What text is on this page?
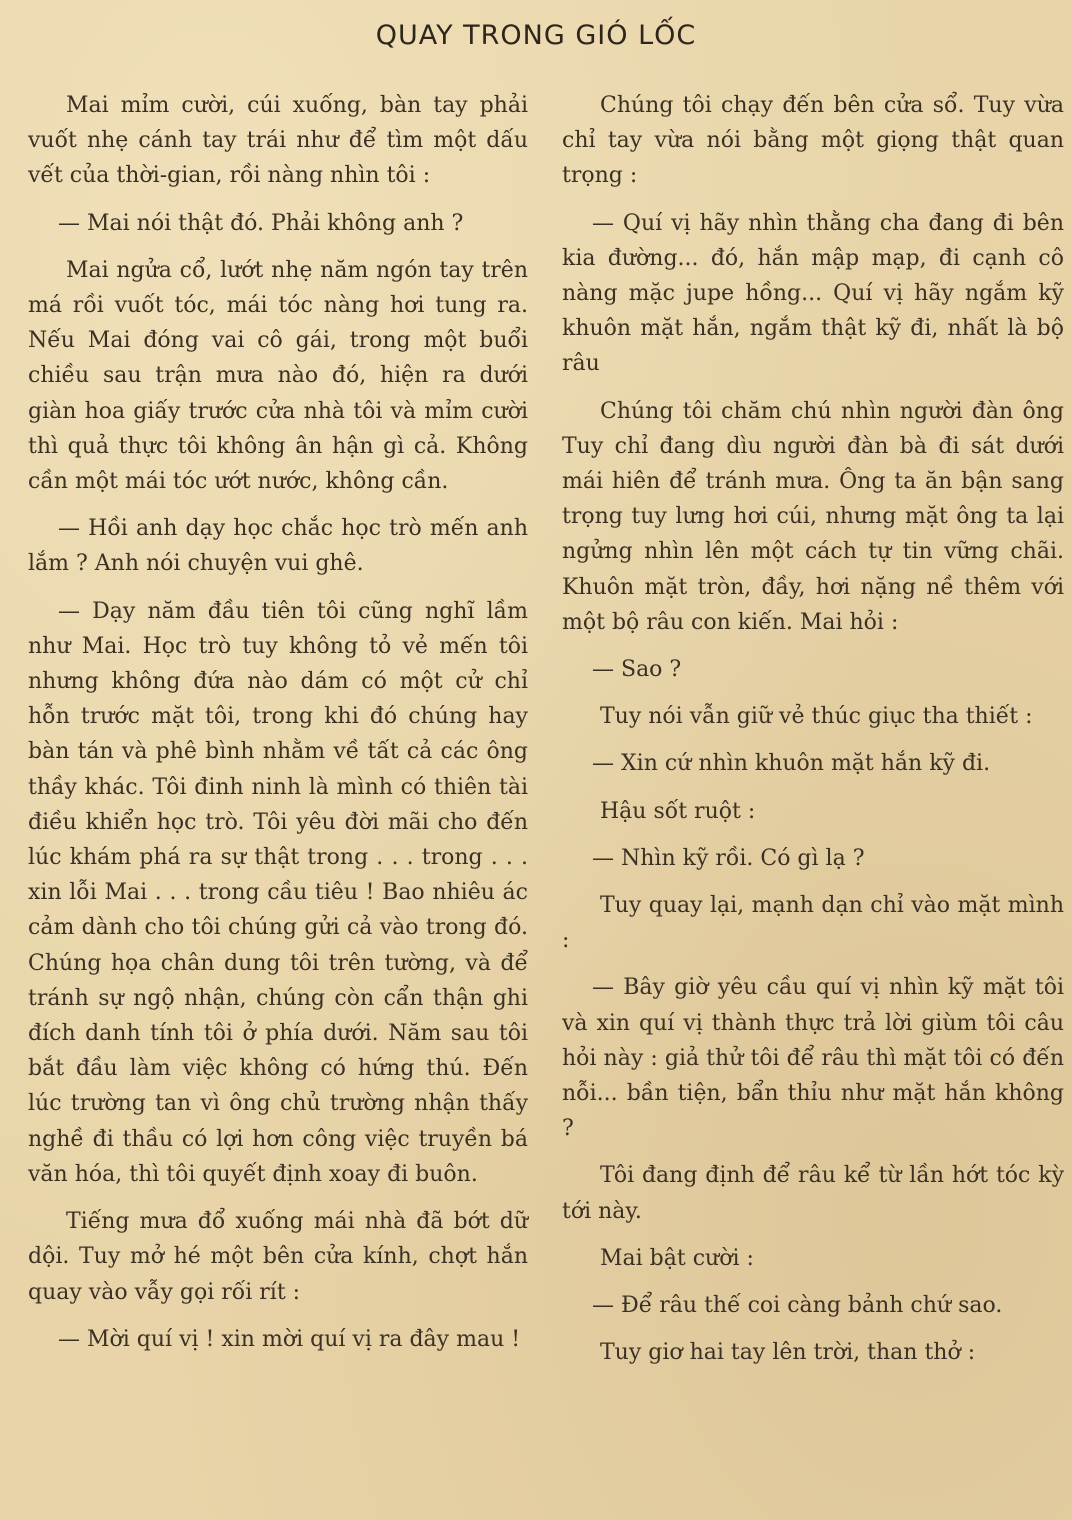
QUAY TRONG GIÓ LỐC

Mai mỉm cười, cúi xuống, bàn tay phải vuốt nhẹ cánh tay trái như để tìm một dấu vết của thời-gian, rồi nàng nhìn tôi :

— Mai nói thật đó. Phải không anh ?

Mai ngửa cổ, lướt nhẹ năm ngón tay trên má rồi vuốt tóc, mái tóc nàng hơi tung ra. Nếu Mai đóng vai cô gái, trong một buổi chiều sau trận mưa nào đó, hiện ra dưới giàn hoa giấy trước cửa nhà tôi và mỉm cười thì quả thực tôi không ân hận gì cả. Không cần một mái tóc ướt nước, không cần.

— Hồi anh dạy học chắc học trò mến anh lắm ? Anh nói chuyện vui ghê.

— Dạy năm đầu tiên tôi cũng nghĩ lầm như Mai. Học trò tuy không tỏ vẻ mến tôi nhưng không đứa nào dám có một cử chỉ hỗn trước mặt tôi, trong khi đó chúng hay bàn tán và phê bình nhằm về tất cả các ông thầy khác. Tôi đinh ninh là mình có thiên tài điều khiển học trò. Tôi yêu đời mãi cho đến lúc khám phá ra sự thật trong . . . trong . . . xin lỗi Mai . . . trong cầu tiêu ! Bao nhiêu ác cảm dành cho tôi chúng gửi cả vào trong đó. Chúng họa chân dung tôi trên tường, và để tránh sự ngộ nhận, chúng còn cẩn thận ghi đích danh tính tôi ở phía dưới. Năm sau tôi bắt đầu làm việc không có hứng thú. Đến lúc trường tan vì ông chủ trường nhận thấy nghề đi thầu có lợi hơn công việc truyền bá văn hóa, thì tôi quyết định xoay đi buôn.

Tiếng mưa đổ xuống mái nhà đã bớt dữ dội. Tuy mở hé một bên cửa kính, chợt hắn quay vào vẫy gọi rối rít :

— Mời quí vị ! xin mời quí vị ra đây mau !

Chúng tôi chạy đến bên cửa sổ. Tuy vừa chỉ tay vừa nói bằng một giọng thật quan trọng :

— Quí vị hãy nhìn thằng cha đang đi bên kia đường... đó, hắn mập mạp, đi cạnh cô nàng mặc jupe hồng... Quí vị hãy ngắm kỹ khuôn mặt hắn, ngắm thật kỹ đi, nhất là bộ râu

Chúng tôi chăm chú nhìn người đàn ông Tuy chỉ đang dìu người đàn bà đi sát dưới mái hiên để tránh mưa. Ông ta ăn bận sang trọng tuy lưng hơi cúi, nhưng mặt ông ta lại ngửng nhìn lên một cách tự tin vững chãi. Khuôn mặt tròn, đầy, hơi nặng nề thêm với một bộ râu con kiến. Mai hỏi :

— Sao ?

Tuy nói vẫn giữ vẻ thúc giục tha thiết :

— Xin cứ nhìn khuôn mặt hắn kỹ đi.

Hậu sốt ruột :

— Nhìn kỹ rồi. Có gì lạ ?

Tuy quay lại, mạnh dạn chỉ vào mặt mình :

— Bây giờ yêu cầu quí vị nhìn kỹ mặt tôi và xin quí vị thành thực trả lời giùm tôi câu hỏi này : giả thử tôi để râu thì mặt tôi có đến nỗi... bần tiện, bẩn thỉu như mặt hắn không ?

Tôi đang định để râu kể từ lần hớt tóc kỳ tới này.

Mai bật cười :

— Để râu thế coi càng bảnh chứ sao.

Tuy giơ hai tay lên trời, than thở :
